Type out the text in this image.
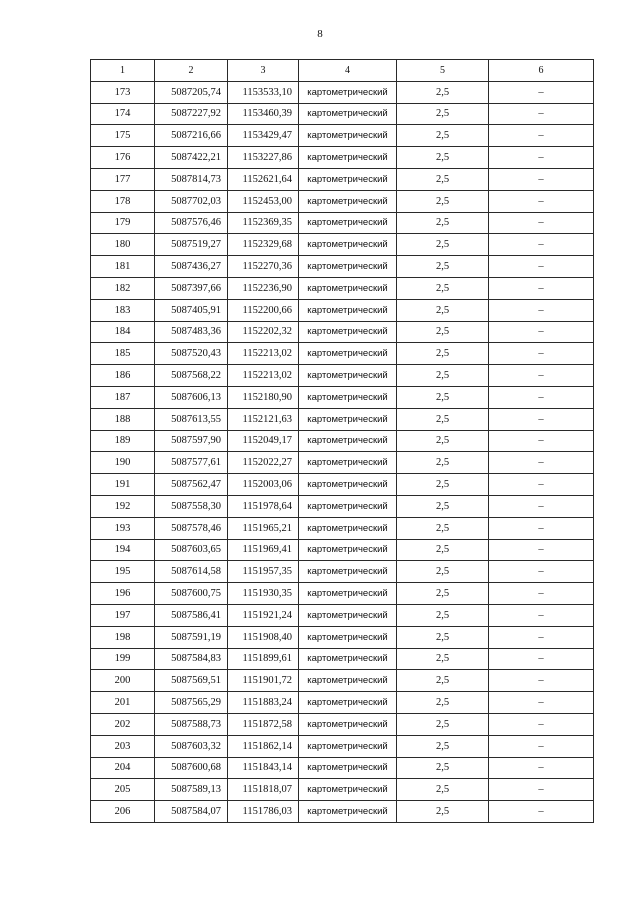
8
1	2	3	4	5	6
173	5087205,74	1153533,10	картометрический	2,5	–
174	5087227,92	1153460,39	картометрический	2,5	–
175	5087216,66	1153429,47	картометрический	2,5	–
176	5087422,21	1153227,86	картометрический	2,5	–
177	5087814,73	1152621,64	картометрический	2,5	–
178	5087702,03	1152453,00	картометрический	2,5	–
179	5087576,46	1152369,35	картометрический	2,5	–
180	5087519,27	1152329,68	картометрический	2,5	–
181	5087436,27	1152270,36	картометрический	2,5	–
182	5087397,66	1152236,90	картометрический	2,5	–
183	5087405,91	1152200,66	картометрический	2,5	–
184	5087483,36	1152202,32	картометрический	2,5	–
185	5087520,43	1152213,02	картометрический	2,5	–
186	5087568,22	1152213,02	картометрический	2,5	–
187	5087606,13	1152180,90	картометрический	2,5	–
188	5087613,55	1152121,63	картометрический	2,5	–
189	5087597,90	1152049,17	картометрический	2,5	–
190	5087577,61	1152022,27	картометрический	2,5	–
191	5087562,47	1152003,06	картометрический	2,5	–
192	5087558,30	1151978,64	картометрический	2,5	–
193	5087578,46	1151965,21	картометрический	2,5	–
194	5087603,65	1151969,41	картометрический	2,5	–
195	5087614,58	1151957,35	картометрический	2,5	–
196	5087600,75	1151930,35	картометрический	2,5	–
197	5087586,41	1151921,24	картометрический	2,5	–
198	5087591,19	1151908,40	картометрический	2,5	–
199	5087584,83	1151899,61	картометрический	2,5	–
200	5087569,51	1151901,72	картометрический	2,5	–
201	5087565,29	1151883,24	картометрический	2,5	–
202	5087588,73	1151872,58	картометрический	2,5	–
203	5087603,32	1151862,14	картометрический	2,5	–
204	5087600,68	1151843,14	картометрический	2,5	–
205	5087589,13	1151818,07	картометрический	2,5	–
206	5087584,07	1151786,03	картометрический	2,5	–
